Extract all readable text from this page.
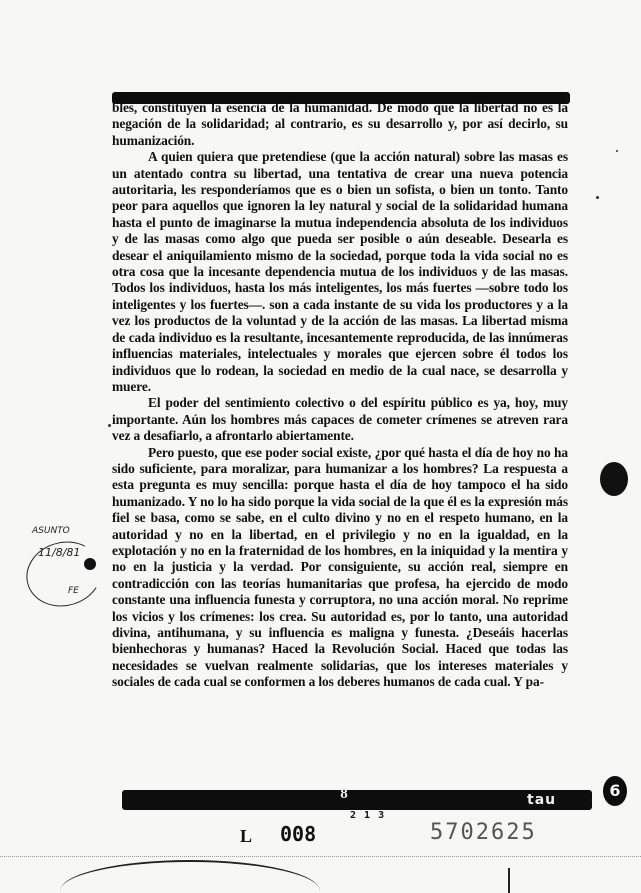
bles, constituyen la esencia de la humanidad. De modo que la libertad no es la negación de la solidaridad; al contrario, es su desarrollo y, por así decirlo, su humanización.

A quien quiera que pretendiese (que la acción natural) sobre las masas es un atentado contra su libertad, una tentativa de crear una nueva potencia autoritaria, les responderíamos que es o bien un sofista, o bien un tonto. Tanto peor para aquellos que ignoren la ley natural y social de la solidaridad humana hasta el punto de imaginarse la mutua independencia absoluta de los individuos y de las masas como algo que pueda ser posible o aún deseable. Desearla es desear el aniquilamiento mismo de la sociedad, porque toda la vida social no es otra cosa que la incesante dependencia mutua de los individuos y de las masas. Todos los individuos, hasta los más inteligentes, los más fuertes —sobre todo los inteligentes y los fuertes—. son a cada instante de su vida los productores y a la vez los productos de la voluntad y de la acción de las masas. La libertad misma de cada individuo es la resultante, incesantemente reproducida, de las innúmeras influencias materiales, intelectuales y morales que ejercen sobre él todos los individuos que lo rodean, la sociedad en medio de la cual nace, se desarrolla y muere.

El poder del sentimiento colectivo o del espíritu público es ya, hoy, muy importante. Aún los hombres más capaces de cometer crímenes se atreven rara vez a desafiarlo, a afrontarlo abiertamente.

Pero puesto, que ese poder social existe, ¿por qué hasta el día de hoy no ha sido suficiente, para moralizar, para humanizar a los hombres? La respuesta a esta pregunta es muy sencilla: porque hasta el día de hoy tampoco el ha sido humanizado. Y no lo ha sido porque la vida social de la que él es la expresión más fiel se basa, como se sabe, en el culto divino y no en el respeto humano, en la autoridad y no en la libertad, en el privilegio y no en la igualdad, en la explotación y no en la fraternidad de los hombres, en la iniquidad y la mentira y no en la justicia y la verdad. Por consiguiente, su acción real, siempre en contradicción con las teorías humanitarias que profesa, ha ejercido de modo constante una influencia funesta y corruptora, no una acción moral. No reprime los vicios y los crímenes: los crea. Su autoridad es, por lo tanto, una autoridad divina, antihumana, y su influencia es maligna y funesta. ¿Deseáis hacerlas bienhechoras y humanas? Haced la Revolución Social. Haced que todas las necesidades se vuelvan realmente solidarias, que los intereses materiales y sociales de cada cual se conformen a los deberes humanos de cada cual. Y pa-

ASUNTO
11/8/81
FE
8	tau	6
2 1 3
L 008	5702625
